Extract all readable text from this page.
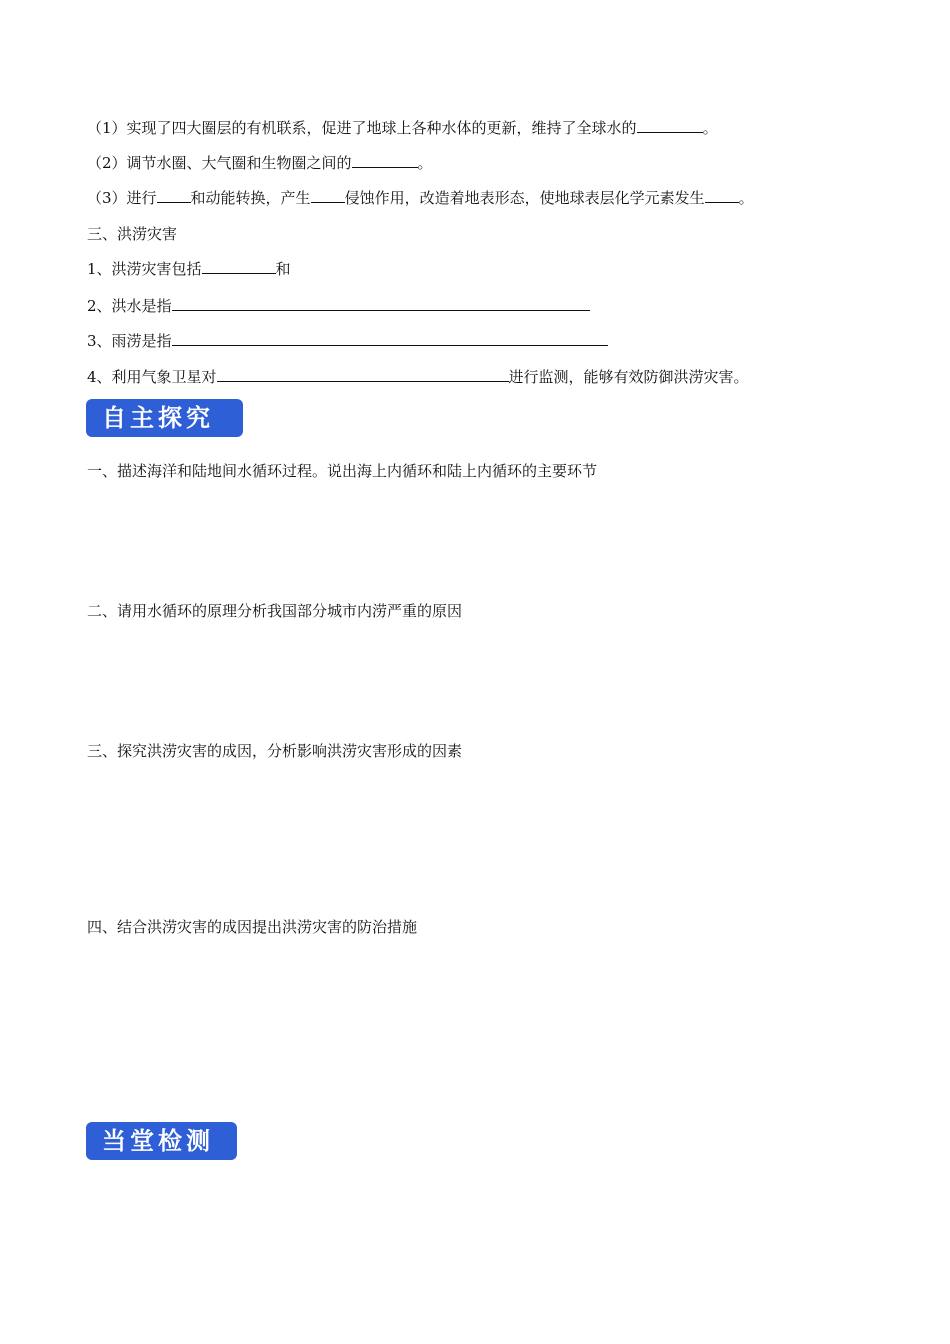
（1）实现了四大圈层的有机联系，促进了地球上各种水体的更新，维持了全球水的	。
（2）调节水圈、大气圈和生物圈之间的	。
（3）进行 和动能转换，产生 侵蚀作用，改造着地表形态，使地球表层化学元素发生 。
三、洪涝灾害
1、洪涝灾害包括	和
2、洪水是指
3、雨涝是指
4、利用气象卫星对	进行监测，能够有效防御洪涝灾害。
自主探究
一、描述海洋和陆地间水循环过程。说出海上内循环和陆上内循环的主要环节
二、请用水循环的原理分析我国部分城市内涝严重的原因
三、探究洪涝灾害的成因，分析影响洪涝灾害形成的因素
四、结合洪涝灾害的成因提出洪涝灾害的防治措施
当堂检测
